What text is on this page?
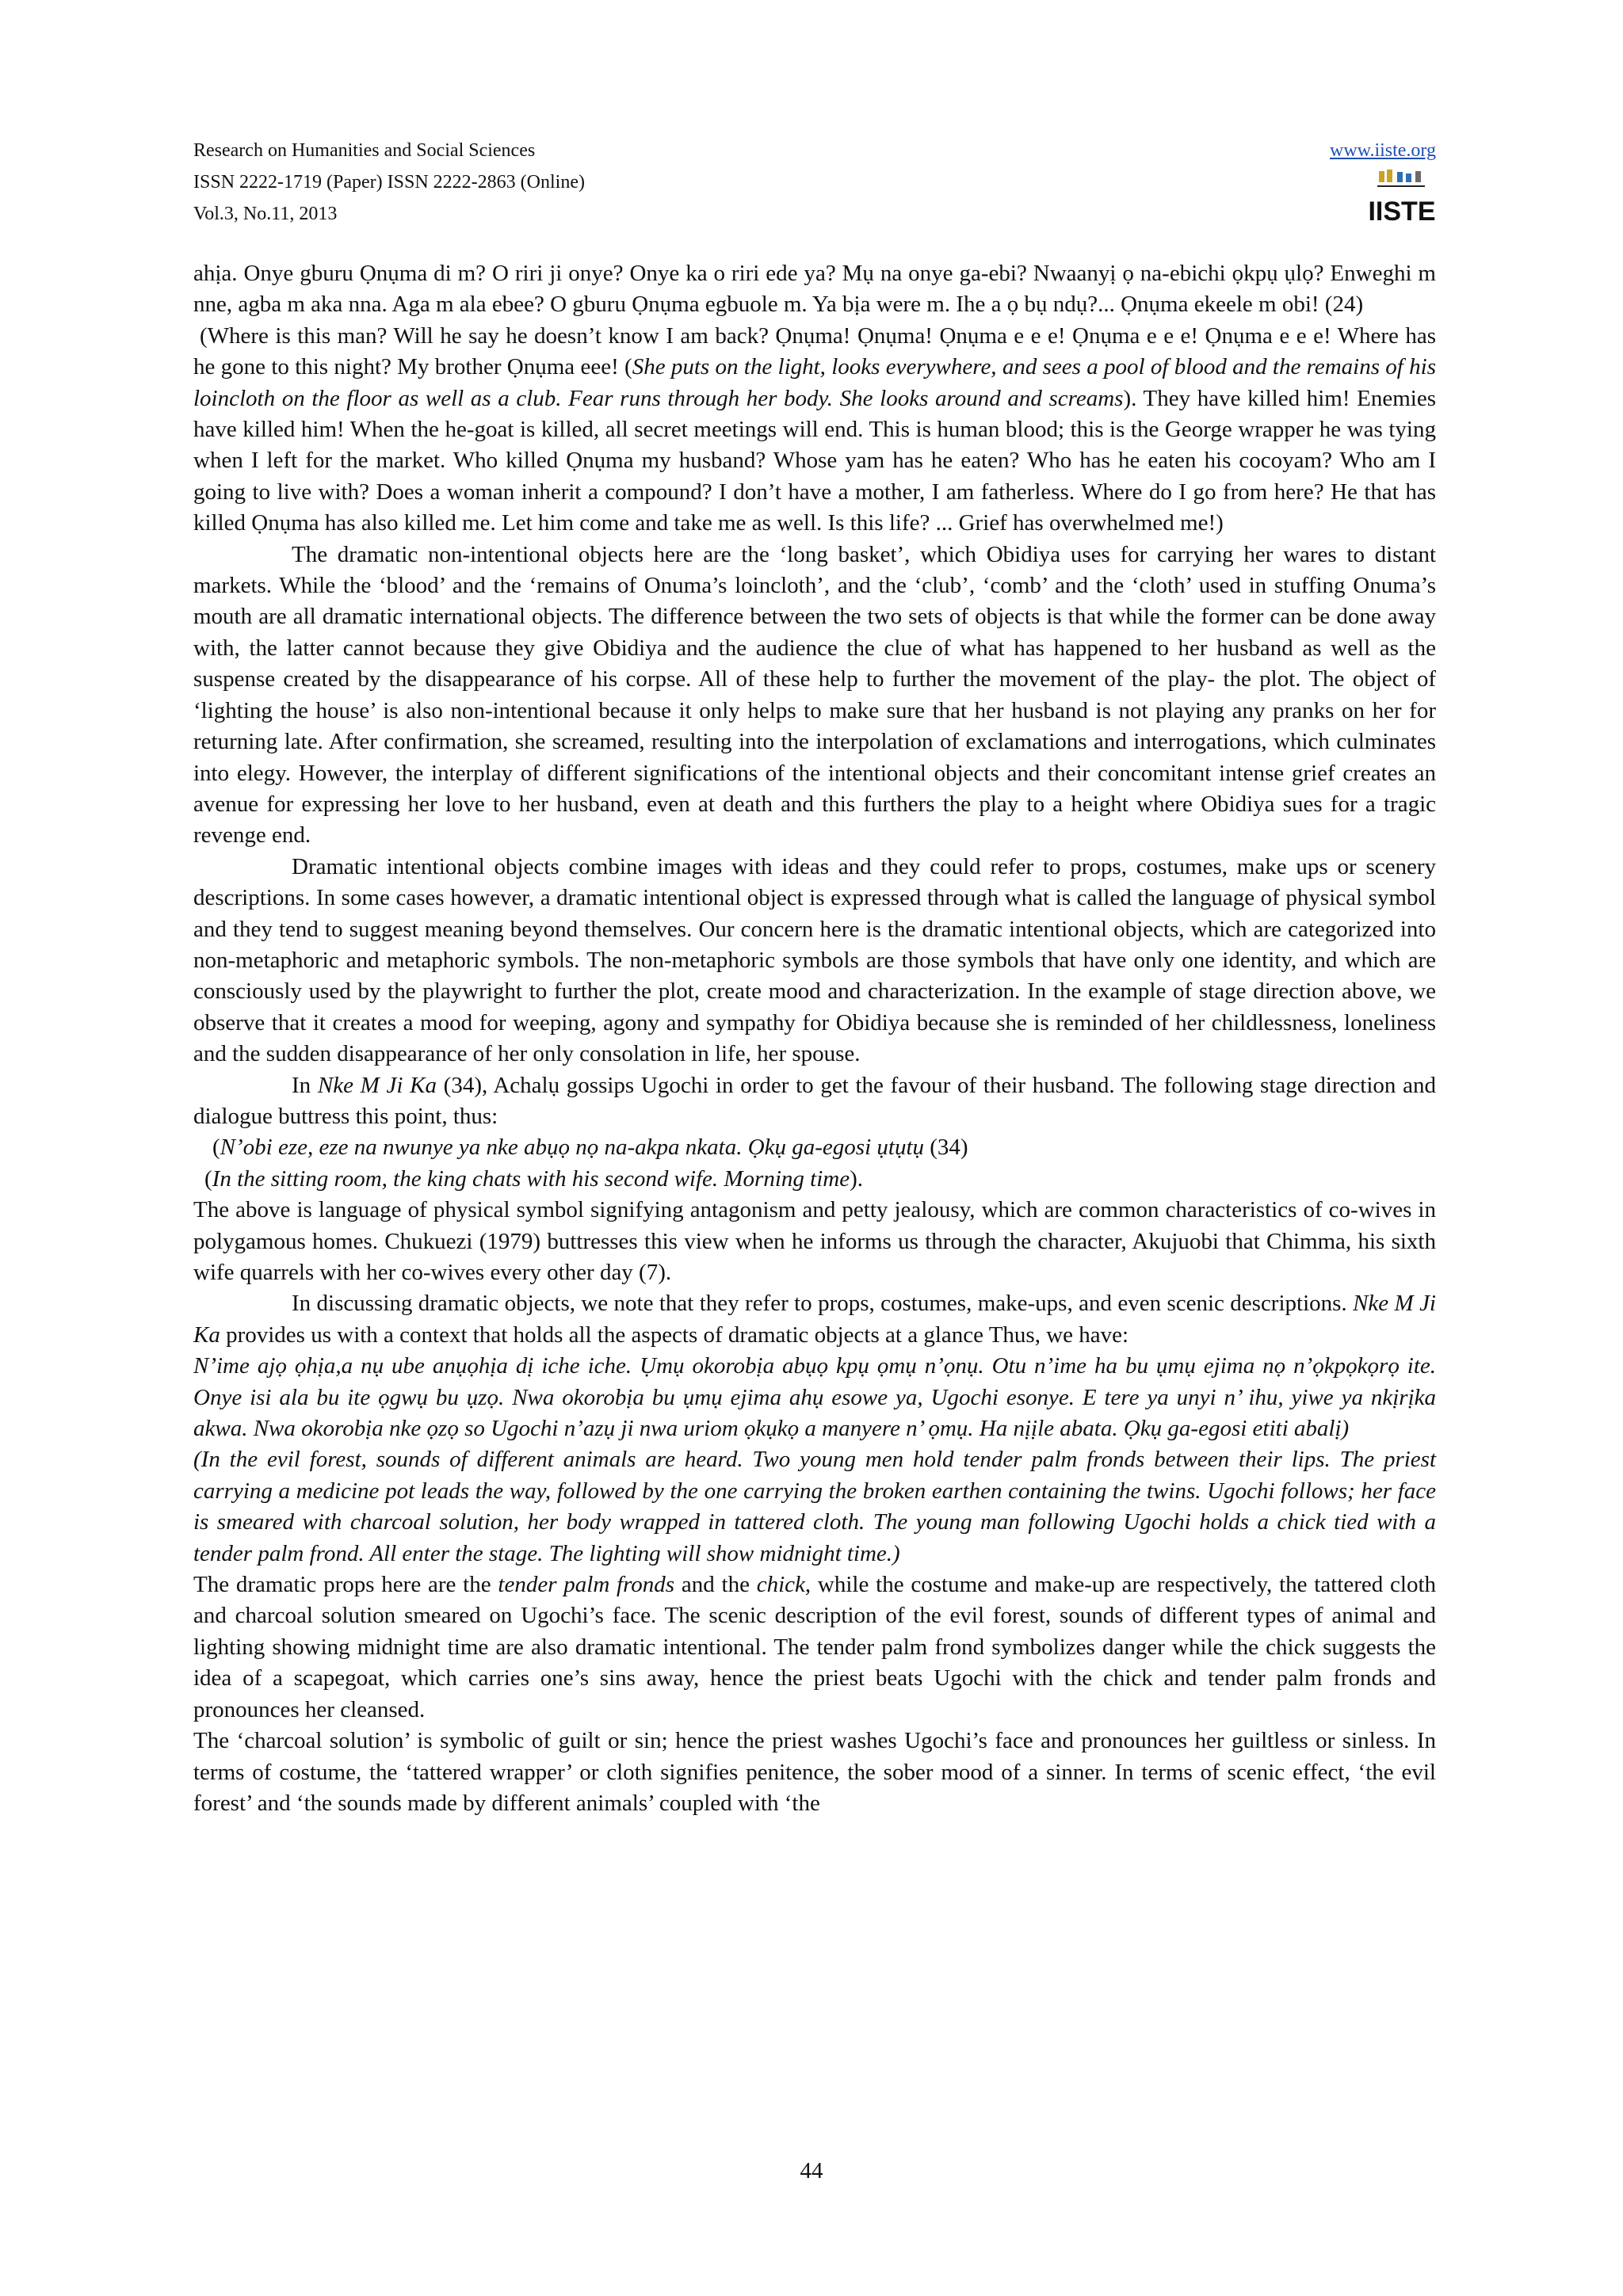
Research on Humanities and Social Sciences
ISSN 2222-1719 (Paper) ISSN 2222-2863 (Online)
Vol.3, No.11, 2013
www.iiste.org
IISTE

ahịa. Onye gburu Ọnụma di m? O riri ji onye? Onye ka o riri ede ya? Mụ na onye ga-ebi? Nwaanyị ọ na-ebichi ọkpụ ụlọ? Enweghi m nne, agba m aka nna. Aga m ala ebee? O gburu Ọnụma egbuole m. Ya bịa were m. Ihe a ọ bụ ndụ?... Ọnụma ekeele m obi! (24)

(Where is this man? Will he say he doesn’t know I am back? Ọnụma! Ọnụma! Ọnụma e e e! Ọnụma e e e! Ọnụma e e e! Where has he gone to this night? My brother Ọnụma eee! (She puts on the light, looks everywhere, and sees a pool of blood and the remains of his loincloth on the floor as well as a club. Fear runs through her body. She looks around and screams). They have killed him! Enemies have killed him! When the he-goat is killed, all secret meetings will end. This is human blood; this is the George wrapper he was tying when I left for the market. Who killed Ọnụma my husband? Whose yam has he eaten? Who has he eaten his cocoyam? Who am I going to live with? Does a woman inherit a compound? I don’t have a mother, I am fatherless. Where do I go from here? He that has killed Ọnụma has also killed me. Let him come and take me as well. Is this life? ... Grief has overwhelmed me!)

The dramatic non-intentional objects here are the ‘long basket’, which Obidiya uses for carrying her wares to distant markets. While the ‘blood’ and the ‘remains of Onuma’s loincloth’, and the ‘club’, ‘comb’ and the ‘cloth’ used in stuffing Onuma’s mouth are all dramatic international objects. The difference between the two sets of objects is that while the former can be done away with, the latter cannot because they give Obidiya and the audience the clue of what has happened to her husband as well as the suspense created by the disappearance of his corpse. All of these help to further the movement of the play- the plot. The object of ‘lighting the house’ is also non-intentional because it only helps to make sure that her husband is not playing any pranks on her for returning late. After confirmation, she screamed, resulting into the interpolation of exclamations and interrogations, which culminates into elegy. However, the interplay of different significations of the intentional objects and their concomitant intense grief creates an avenue for expressing her love to her husband, even at death and this furthers the play to a height where Obidiya sues for a tragic revenge end.

Dramatic intentional objects combine images with ideas and they could refer to props, costumes, make ups or scenery descriptions. In some cases however, a dramatic intentional object is expressed through what is called the language of physical symbol and they tend to suggest meaning beyond themselves. Our concern here is the dramatic intentional objects, which are categorized into non-metaphoric and metaphoric symbols. The non-metaphoric symbols are those symbols that have only one identity, and which are consciously used by the playwright to further the plot, create mood and characterization. In the example of stage direction above, we observe that it creates a mood for weeping, agony and sympathy for Obidiya because she is reminded of her childlessness, loneliness and the sudden disappearance of her only consolation in life, her spouse.

In Nke M Ji Ka (34), Achalụ gossips Ugochi in order to get the favour of their husband. The following stage direction and dialogue buttress this point, thus:

(N’obi eze, eze na nwunye ya nke abụọ nọ na-akpa nkata. Ọkụ ga-egosi ụtụtụ (34)

(In the sitting room, the king chats with his second wife. Morning time).

The above is language of physical symbol signifying antagonism and petty jealousy, which are common characteristics of co-wives in polygamous homes. Chukuezi (1979) buttresses this view when he informs us through the character, Akujuobi that Chimma, his sixth wife quarrels with her co-wives every other day (7).

In discussing dramatic objects, we note that they refer to props, costumes, make-ups, and even scenic descriptions. Nke M Ji Ka provides us with a context that holds all the aspects of dramatic objects at a glance Thus, we have:

N’ime ajọ ọhịa,a nụ ube anụọhịa dị iche iche. Ụmụ okorobịa abụọ kpụ ọmụ n’ọnụ. Otu n’ime ha bu ụmụ ejima nọ n’ọkpọkọrọ ite. Onye isi ala bu ite ọgwụ bu ụzọ. Nwa okorobịa bu ụmụ ejima ahụ esowe ya, Ugochi esonye. E tere ya unyi n’ ihu, yiwe ya nkịrịka akwa. Nwa okorobịa nke ọzọ so Ugochi n’azụ ji nwa uriom ọkụkọ a manyere n’ ọmụ. Ha nịịle abata. Ọkụ ga-egosi etiti abalị)

(In the evil forest, sounds of different animals are heard. Two young men hold tender palm fronds between their lips. The priest carrying a medicine pot leads the way, followed by the one carrying the broken earthen containing the twins. Ugochi follows; her face is smeared with charcoal solution, her body wrapped in tattered cloth. The young man following Ugochi holds a chick tied with a tender palm frond. All enter the stage. The lighting will show midnight time.)

The dramatic props here are the tender palm fronds and the chick, while the costume and make-up are respectively, the tattered cloth and charcoal solution smeared on Ugochi’s face. The scenic description of the evil forest, sounds of different types of animal and lighting showing midnight time are also dramatic intentional. The tender palm frond symbolizes danger while the chick suggests the idea of a scapegoat, which carries one’s sins away, hence the priest beats Ugochi with the chick and tender palm fronds and pronounces her cleansed.

The ‘charcoal solution’ is symbolic of guilt or sin; hence the priest washes Ugochi’s face and pronounces her guiltless or sinless. In terms of costume, the ‘tattered wrapper’ or cloth signifies penitence, the sober mood of a sinner. In terms of scenic effect, ‘the evil forest’ and ‘the sounds made by different animals’ coupled with ‘the

44
